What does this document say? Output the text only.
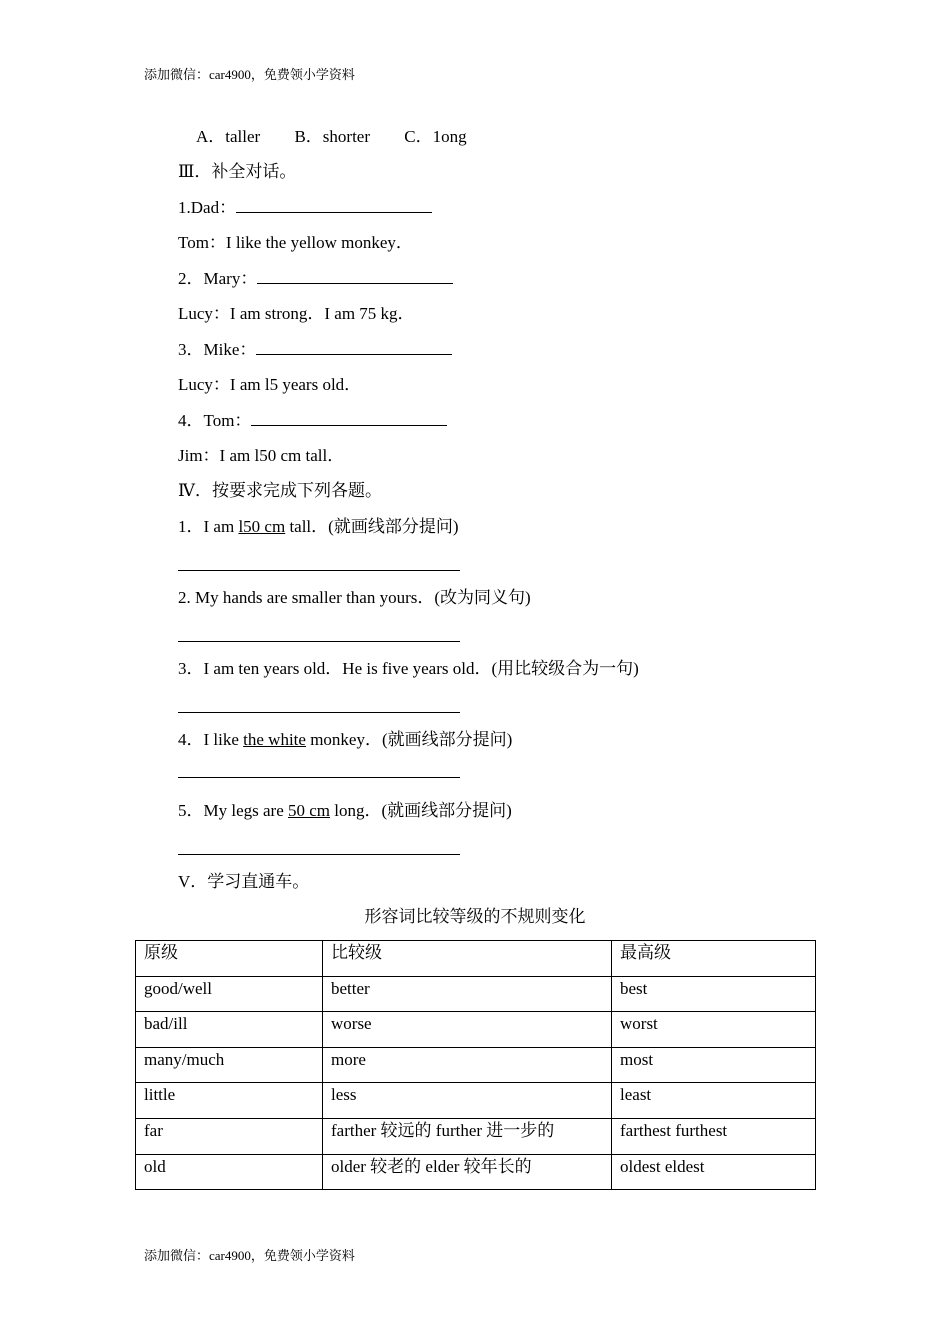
添加微信：car4900，免费领小学资料
A．taller B．shorter C．1ong
Ⅲ．补全对话。
1.Dad：
Tom：I like the yellow monkey．
2．Mary：
Lucy：I am strong．I am 75 kg．
3．Mike：
Lucy：I am l5 years old．
4．Tom：
Jim：I am l50 cm tall．
Ⅳ．按要求完成下列各题。
1．I am l50 cm tall．(就画线部分提问)
2. My hands are smaller than yours．(改为同义句)
3．I am ten years old．He is five years old．(用比较级合为一句)
4．I like the white monkey．(就画线部分提问)
5．My legs are 50 cm long．(就画线部分提问)
V．学习直通车。
形容词比较等级的不规则变化
原级	比较级	最高级
good/well	better	best
bad/ill	worse	worst
many/much	more	most
little	less	least
far	farther 较远的 further 进一步的	farthest furthest
old	older 较老的 elder 较年长的	oldest eldest
添加微信：car4900，免费领小学资料
